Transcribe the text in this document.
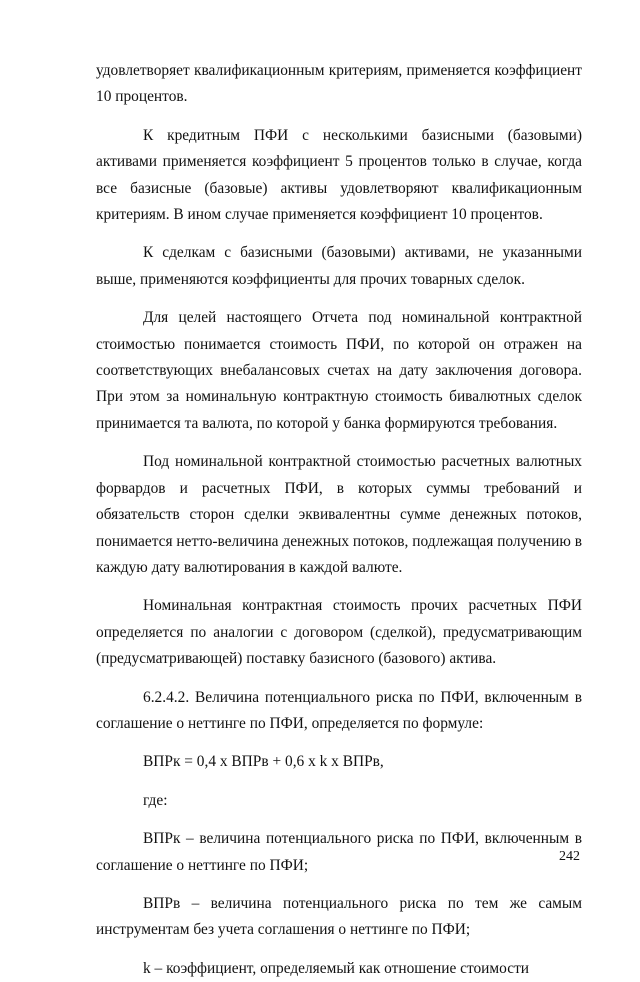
удовлетворяет квалификационным критериям, применяется коэффициент 10 процентов.

К кредитным ПФИ с несколькими базисными (базовыми) активами применяется коэффициент 5 процентов только в случае, когда все базисные (базовые) активы удовлетворяют квалификационным критериям. В ином случае применяется коэффициент 10 процентов.

К сделкам с базисными (базовыми) активами, не указанными выше, применяются коэффициенты для прочих товарных сделок.

Для целей настоящего Отчета под номинальной контрактной стоимостью понимается стоимость ПФИ, по которой он отражен на соответствующих внебалансовых счетах на дату заключения договора. При этом за номинальную контрактную стоимость бивалютных сделок принимается та валюта, по которой у банка формируются требования.

Под номинальной контрактной стоимостью расчетных валютных форвардов и расчетных ПФИ, в которых суммы требований и обязательств сторон сделки эквивалентны сумме денежных потоков, понимается нетто-величина денежных потоков, подлежащая получению в каждую дату валютирования в каждой валюте.

Номинальная контрактная стоимость прочих расчетных ПФИ определяется по аналогии с договором (сделкой), предусматривающим (предусматривающей) поставку базисного (базового) актива.

6.2.4.2. Величина потенциального риска по ПФИ, включенным в соглашение о неттинге по ПФИ, определяется по формуле:

ВПРк = 0,4 х ВПРв + 0,6 х k х ВПРв,

где:

ВПРк – величина потенциального риска по ПФИ, включенным в соглашение о неттинге по ПФИ;

ВПРв – величина потенциального риска по тем же самым инструментам без учета соглашения о неттинге по ПФИ;

k – коэффициент, определяемый как отношение стоимости

242
